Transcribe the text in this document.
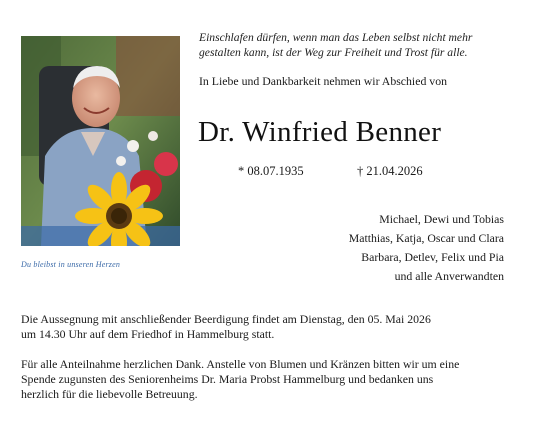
Du bleibst in unseren Herzen
Einschlafen dürfen, wenn man das Leben selbst nicht mehr
gestalten kann, ist der Weg zur Freiheit und Trost für alle.
In Liebe und Dankbarkeit nehmen wir Abschied von
Dr. Winfried Benner
* 08.07.1935	† 21.04.2026
Michael, Dewi und Tobias
Matthias, Katja, Oscar und Clara
Barbara, Detlev, Felix und Pia
und alle Anverwandten
Die Aussegnung mit anschließender Beerdigung findet am Dienstag, den 05. Mai 2026
um 14.30 Uhr auf dem Friedhof in Hammelburg statt.
Für alle Anteilnahme herzlichen Dank. Anstelle von Blumen und Kränzen bitten wir um eine
Spende zugunsten des Seniorenheims Dr. Maria Probst Hammelburg und bedanken uns
herzlich für die liebevolle Betreuung.
